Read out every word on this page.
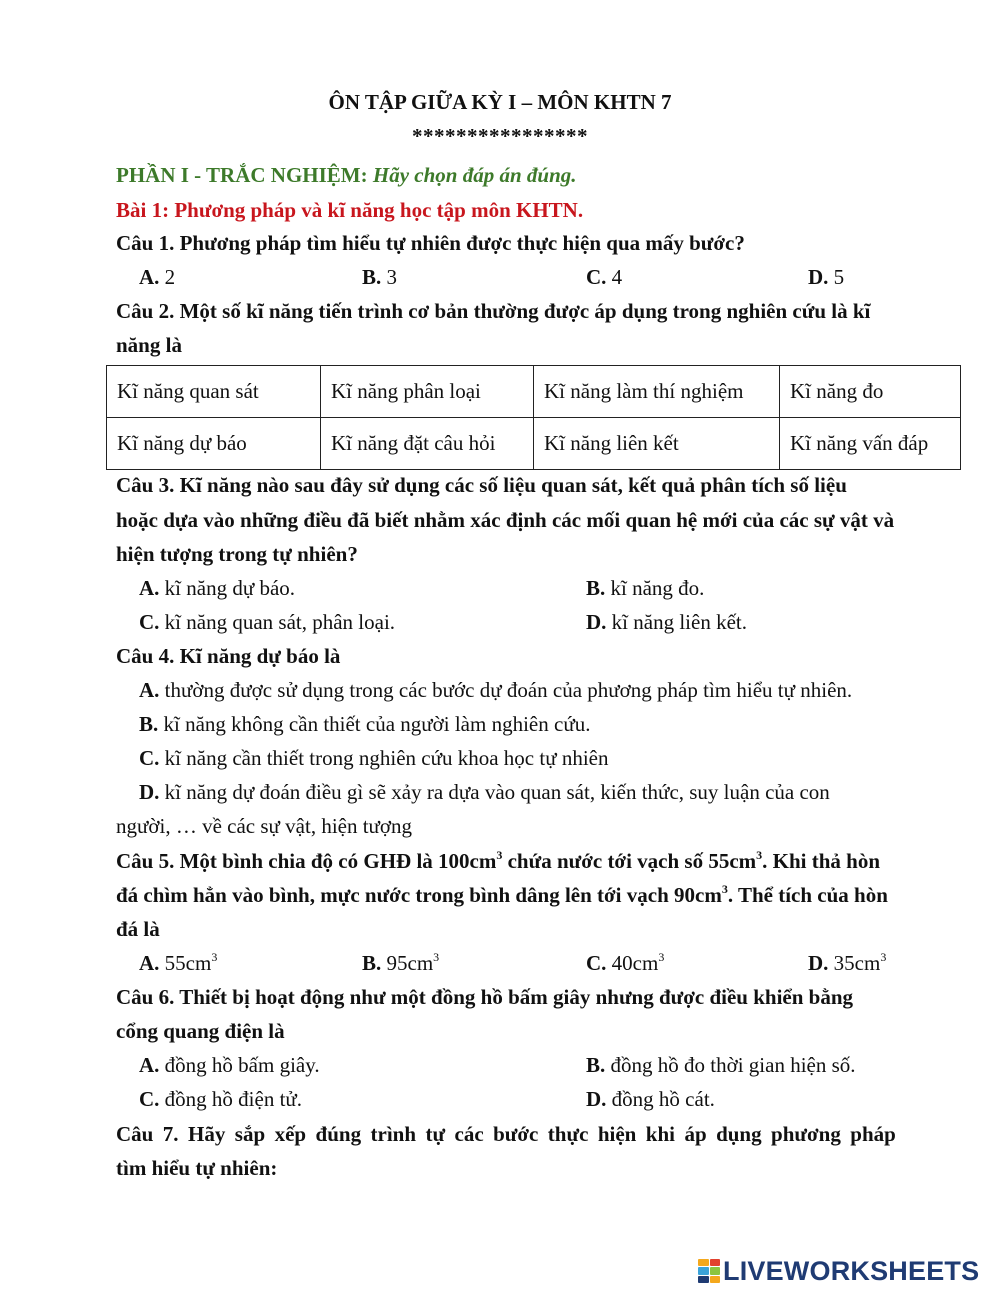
ÔN TẬP GIỮA KỲ I – MÔN KHTN 7
****************
PHẦN I - TRẮC NGHIỆM: Hãy chọn đáp án đúng.
Bài 1: Phương pháp và kĩ năng học tập môn KHTN.
Câu 1. Phương pháp tìm hiểu tự nhiên được thực hiện qua mấy bước?
A. 2	B. 3	C. 4	D. 5
Câu 2. Một số kĩ năng tiến trình cơ bản thường được áp dụng trong nghiên cứu là kĩ
năng là
Kĩ năng quan sát	Kĩ năng phân loại	Kĩ năng làm thí nghiệm	Kĩ năng đo
Kĩ năng dự báo	Kĩ năng đặt câu hỏi	Kĩ năng liên kết	Kĩ năng vấn đáp
Câu 3. Kĩ năng nào sau đây sử dụng các số liệu quan sát, kết quả phân tích số liệu
hoặc dựa vào những điều đã biết nhằm xác định các mối quan hệ mới của các sự vật và
hiện tượng trong tự nhiên?
A. kĩ năng dự báo.	B. kĩ năng đo.
C. kĩ năng quan sát, phân loại.	D. kĩ năng liên kết.
Câu 4. Kĩ năng dự báo là
A. thường được sử dụng trong các bước dự đoán của phương pháp tìm hiểu tự nhiên.
B. kĩ năng không cần thiết của người làm nghiên cứu.
C. kĩ năng cần thiết trong nghiên cứu khoa học tự nhiên
D. kĩ năng dự đoán điều gì sẽ xảy ra dựa vào quan sát, kiến thức, suy luận của con
người, … về các sự vật, hiện tượng
Câu 5. Một bình chia độ có GHĐ là $100cm^3$ chứa nước tới vạch số $55cm^3$. Khi thả hòn
đá chìm hẳn vào bình, mực nước trong bình dâng lên tới vạch $90cm^3$. Thể tích của hòn
đá là
A. $55cm^3$	B. $95cm^3$	C. $40cm^3$	D. $35cm^3$
Câu 6. Thiết bị hoạt động như một đồng hồ bấm giây nhưng được điều khiển bằng
cổng quang điện là
A. đồng hồ bấm giây.	B. đồng hồ đo thời gian hiện số.
C. đồng hồ điện tử.	D. đồng hồ cát.
Câu 7. Hãy sắp xếp đúng trình tự các bước thực hiện khi áp dụng phương pháp
tìm hiểu tự nhiên:
LIVEWORKSHEETS
